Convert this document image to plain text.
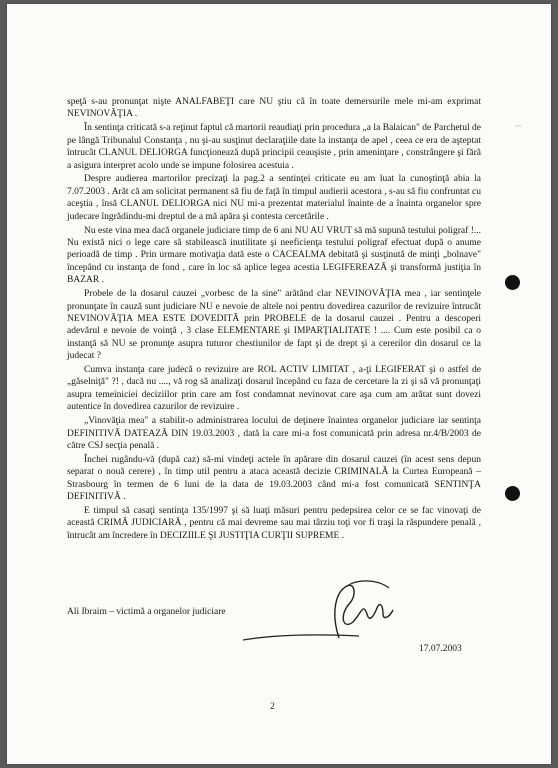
~~

speţă s-au pronunţat nişte ANALFABEŢI care NU ştiu că în toate demersurile mele mi-am exprimat NEVINOVĂŢIA .

În sentinţa criticată s-a reţinut faptul că martorii reaudiaţi prin procedura „a la Balaican" de Parchetul de pe lângă Tribunalul Constanţa , nu şi-au susţinut declaraţiile date la instanţa de apel , ceea ce era de aşteptat întrucât CLANUL DELIORGA funcţionează după principii ceauşiste , prin ameninţare , constrângere şi fără a asigura interpret acolo unde se impune folosirea acestuia .

Despre audierea martorilor precizaţi la pag.2 a sentinţei criticate eu am luat la cunoştinţă abia la 7.07.2003 . Arăt că am solicitat permanent să fiu de faţă în timpul audierii acestora , s-au să fiu confruntat cu aceştia , însă CLANUL DELIORGA nici NU mi-a prezentat materialul înainte de a înainta organelor spre judecare îngrădindu-mi dreptul de a mă apăra şi contesta cercetările .

Nu este vina mea dacă organele judiciare timp de 6 ani NU AU VRUT să mă supună testului poligraf !... Nu există nici o lege care să stabilească inutilitate şi neeficienţa testului poligraf efectuat după o anume perioadă de timp . Prin urmare motivaţia dată este o CACEALMA debitată şi susţinută de minţi „bolnave" începând cu instanţa de fond , care în loc să aplice legea acestia LEGIFEREAZĂ şi transformă justiţia în BAZAR .

Probele de la dosarul cauzei „vorbesc de la sine" arătând clar NEVINOVĂŢIA mea , iar sentinţele pronunţate în cauză sunt judiciare NU e nevoie de altele noi pentru dovedirea cazurilor de revizuire întrucât NEVINOVĂŢIA MEA ESTE DOVEDITĂ prin PROBELE de la dosarul cauzei . Pentru a descoperi adevărul e nevoie de voinţă , 3 clase ELEMENTARE şi IMPARŢIALITATE ! .... Cum este posibil ca o instanţă să NU se pronunţe asupra tuturor chestiunilor de fapt şi de drept şi a cererilor din dosarul ce la judecat ?

Cumva instanţa care judecă o revizuire are ROL ACTIV LIMITAT , a-ţi LEGIFERAT şi o astfel de „găselniţă" ?! , dacă nu ...., vă rog să analizaţi dosarul începând cu faza de cercetare la zi şi să vă pronunţaţi asupra temeiniciei deciziilor prin care am fost condamnat nevinovat care aşa cum am arătat sunt dovezi autentice în dovedirea cazurilor de revizuire .

„Vinovăţia mea" a stabilit-o administrarea locului de deţinere înaintea organelor judiciare iar sentinţa DEFINITIVĂ DATEAZĂ DIN 19.03.2003 , dată la care mi-a fost comunicată prin adresa nr.4/B/2003 de către CSJ secţia penală .

Închei rugându-vă (după caz) să-mi vindeţi actele în apărare din dosarul cauzei (în acest sens depun separat o nouă cerere) , în timp util pentru a ataca această decizie CRIMINALĂ la Curtea Europeană – Strasbourg în termen de 6 luni de la data de 19.03.2003 când mi-a fost comunicată SENTINŢA DEFINITIVĂ .

E timpul să casaţi sentinţa 135/1997 şi să luaţi măsuri pentru pedepsirea celor ce se fac vinovaţi de această CRIMĂ JUDICIARĂ , pentru că mai devreme sau mai târziu toţi vor fi traşi la răspundere penală , întrucât am încredere în DECIZIILE ŞI JUSTIŢIA CURŢII SUPREME .

Ali Ibraim – victimă a organelor judiciare
17.07.2003
2
